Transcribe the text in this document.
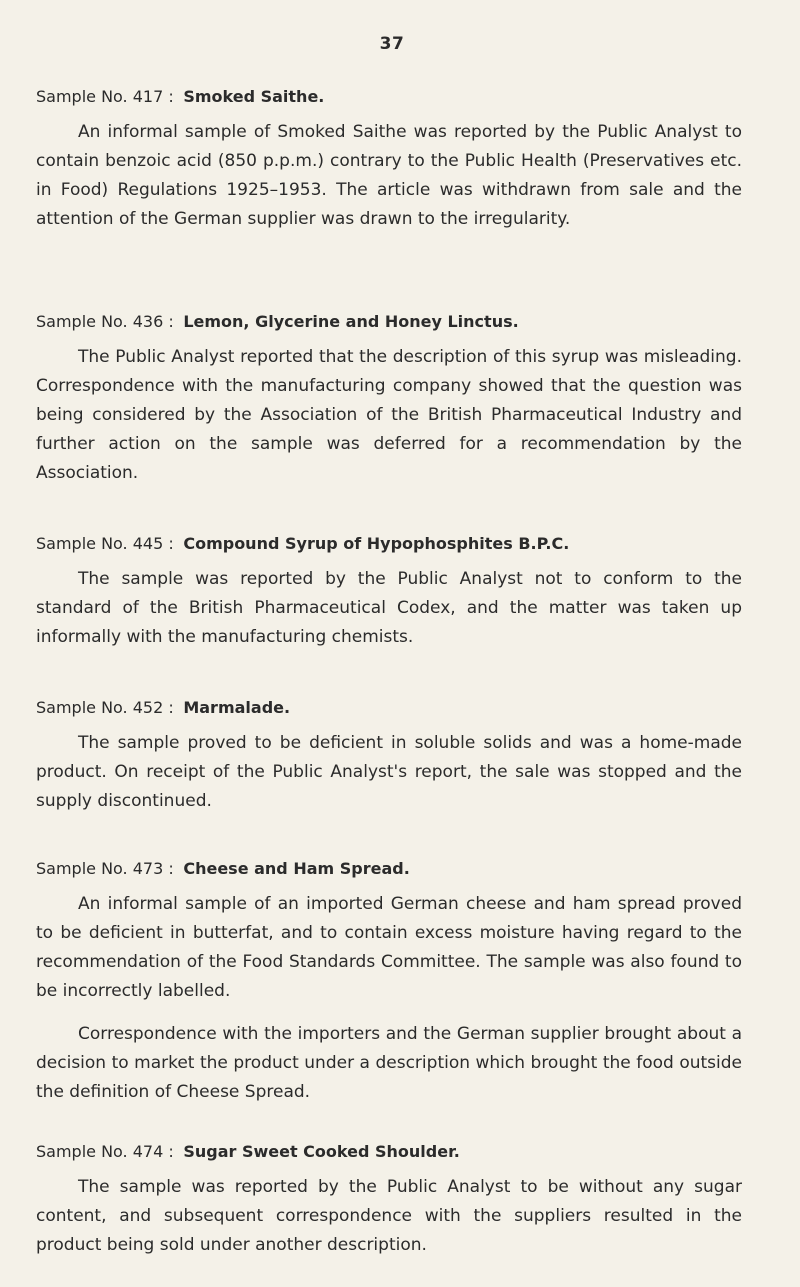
37
Sample No. 417 : Smoked Saithe.

An informal sample of Smoked Saithe was reported by the Public Analyst to contain benzoic acid (850 p.p.m.) contrary to the Public Health (Preservatives etc. in Food) Regulations 1925–1953. The article was withdrawn from sale and the attention of the German supplier was drawn to the irregularity.

Sample No. 436 : Lemon, Glycerine and Honey Linctus.

The Public Analyst reported that the description of this syrup was misleading. Correspondence with the manufacturing company showed that the question was being considered by the Association of the British Pharmaceutical Industry and further action on the sample was deferred for a recommendation by the Association.

Sample No. 445 : Compound Syrup of Hypophosphites B.P.C.

The sample was reported by the Public Analyst not to conform to the standard of the British Pharmaceutical Codex, and the matter was taken up informally with the manufacturing chemists.

Sample No. 452 : Marmalade.

The sample proved to be deficient in soluble solids and was a home-made product. On receipt of the Public Analyst's report, the sale was stopped and the supply discontinued.

Sample No. 473 : Cheese and Ham Spread.

An informal sample of an imported German cheese and ham spread proved to be deficient in butterfat, and to contain excess moisture having regard to the recommendation of the Food Standards Committee. The sample was also found to be incorrectly labelled.

Correspondence with the importers and the German supplier brought about a decision to market the product under a description which brought the food outside the definition of Cheese Spread.

Sample No. 474 : Sugar Sweet Cooked Shoulder.

The sample was reported by the Public Analyst to be without any sugar content, and subsequent correspondence with the suppliers resulted in the product being sold under another description.
